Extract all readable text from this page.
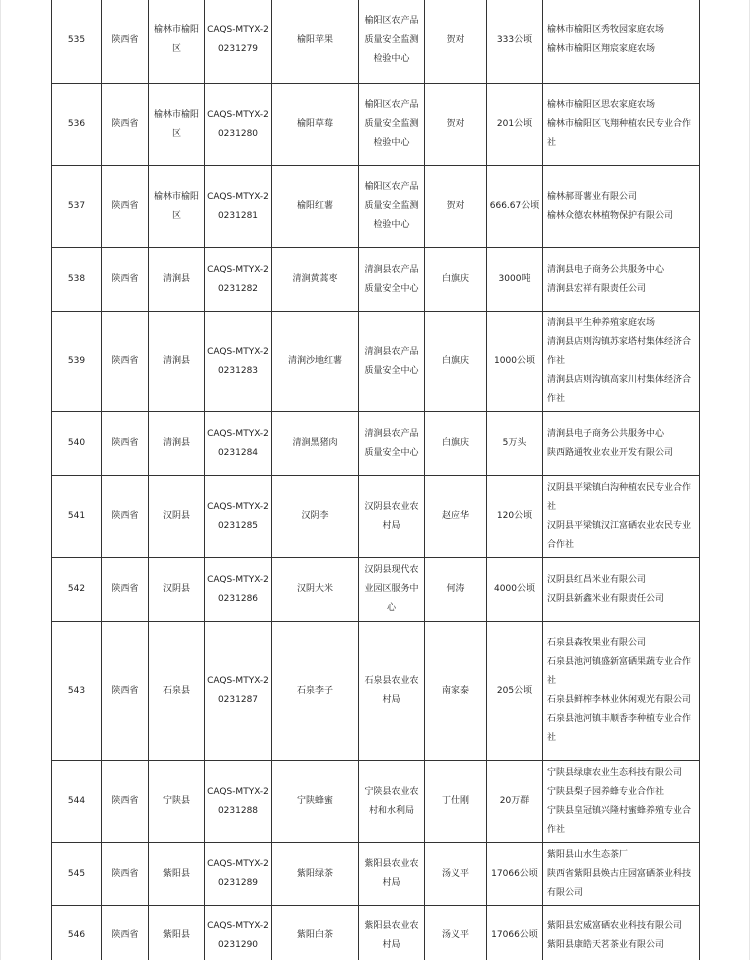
535	陕西省	榆林市榆阳区	CAQS-MTYX-20231279	榆阳苹果	榆阳区农产品质量安全监测检验中心	贺对	333公顷	榆林市榆阳区秀牧园家庭农场
榆林市榆阳区翔宸家庭农场

536	陕西省	榆林市榆阳区	CAQS-MTYX-20231280	榆阳草莓	榆阳区农产品质量安全监测检验中心	贺对	201公顷	榆林市榆阳区思农家庭农场
榆林市榆阳区飞翔种植农民专业合作社

537	陕西省	榆林市榆阳区	CAQS-MTYX-20231281	榆阳红薯	榆阳区农产品质量安全监测检验中心	贺对	666.67公顷	榆林郝哥薯业有限公司
榆林众德农林植物保护有限公司

538	陕西省	清涧县	CAQS-MTYX-20231282	清涧黄蒿枣	清涧县农产品质量安全中心	白旗庆	3000吨	清涧县电子商务公共服务中心
清涧县宏祥有限责任公司

539	陕西省	清涧县	CAQS-MTYX-20231283	清涧沙地红薯	清涧县农产品质量安全中心	白旗庆	1000公顷	清涧县平生种养殖家庭农场
清涧县店则沟镇苏家塔村集体经济合作社
清涧县店则沟镇高家川村集体经济合作社

540	陕西省	清涧县	CAQS-MTYX-20231284	清涧黑猪肉	清涧县农产品质量安全中心	白旗庆	5万头	清涧县电子商务公共服务中心
陕西路通牧业农业开发有限公司

541	陕西省	汉阴县	CAQS-MTYX-20231285	汉阴李	汉阴县农业农村局	赵应华	120公顷	汉阴县平梁镇白沟种植农民专业合作社
汉阴县平梁镇汉江富硒农业农民专业合作社

542	陕西省	汉阴县	CAQS-MTYX-20231286	汉阴大米	汉阴县现代农业园区服务中心	何涛	4000公顷	汉阴县红昌米业有限公司
汉阴县新鑫米业有限责任公司

543	陕西省	石泉县	CAQS-MTYX-20231287	石泉李子	石泉县农业农村局	南家泰	205公顷	石泉县森牧果业有限公司
石泉县池河镇盛新富硒果蔬专业合作社
石泉县鲜榨李林业休闲观光有限公司
石泉县池河镇丰顺香李种植专业合作社

544	陕西省	宁陕县	CAQS-MTYX-20231288	宁陕蜂蜜	宁陕县农业农村和水利局	丁仕刚	20万群	宁陕县绿康农业生态科技有限公司
宁陕县梨子园养蜂专业合作社
宁陕县皇冠镇兴隆村蜜蜂养殖专业合作社

545	陕西省	紫阳县	CAQS-MTYX-20231289	紫阳绿茶	紫阳县农业农村局	汤义平	17066公顷	紫阳县山水生态茶厂
陕西省紫阳县焕古庄园富硒茶业科技有限公司

546	陕西省	紫阳县	CAQS-MTYX-20231290	紫阳白茶	紫阳县农业农村局	汤义平	17066公顷	紫阳县宏威富硒农业科技有限公司
紫阳县康皓天茗茶业有限公司
